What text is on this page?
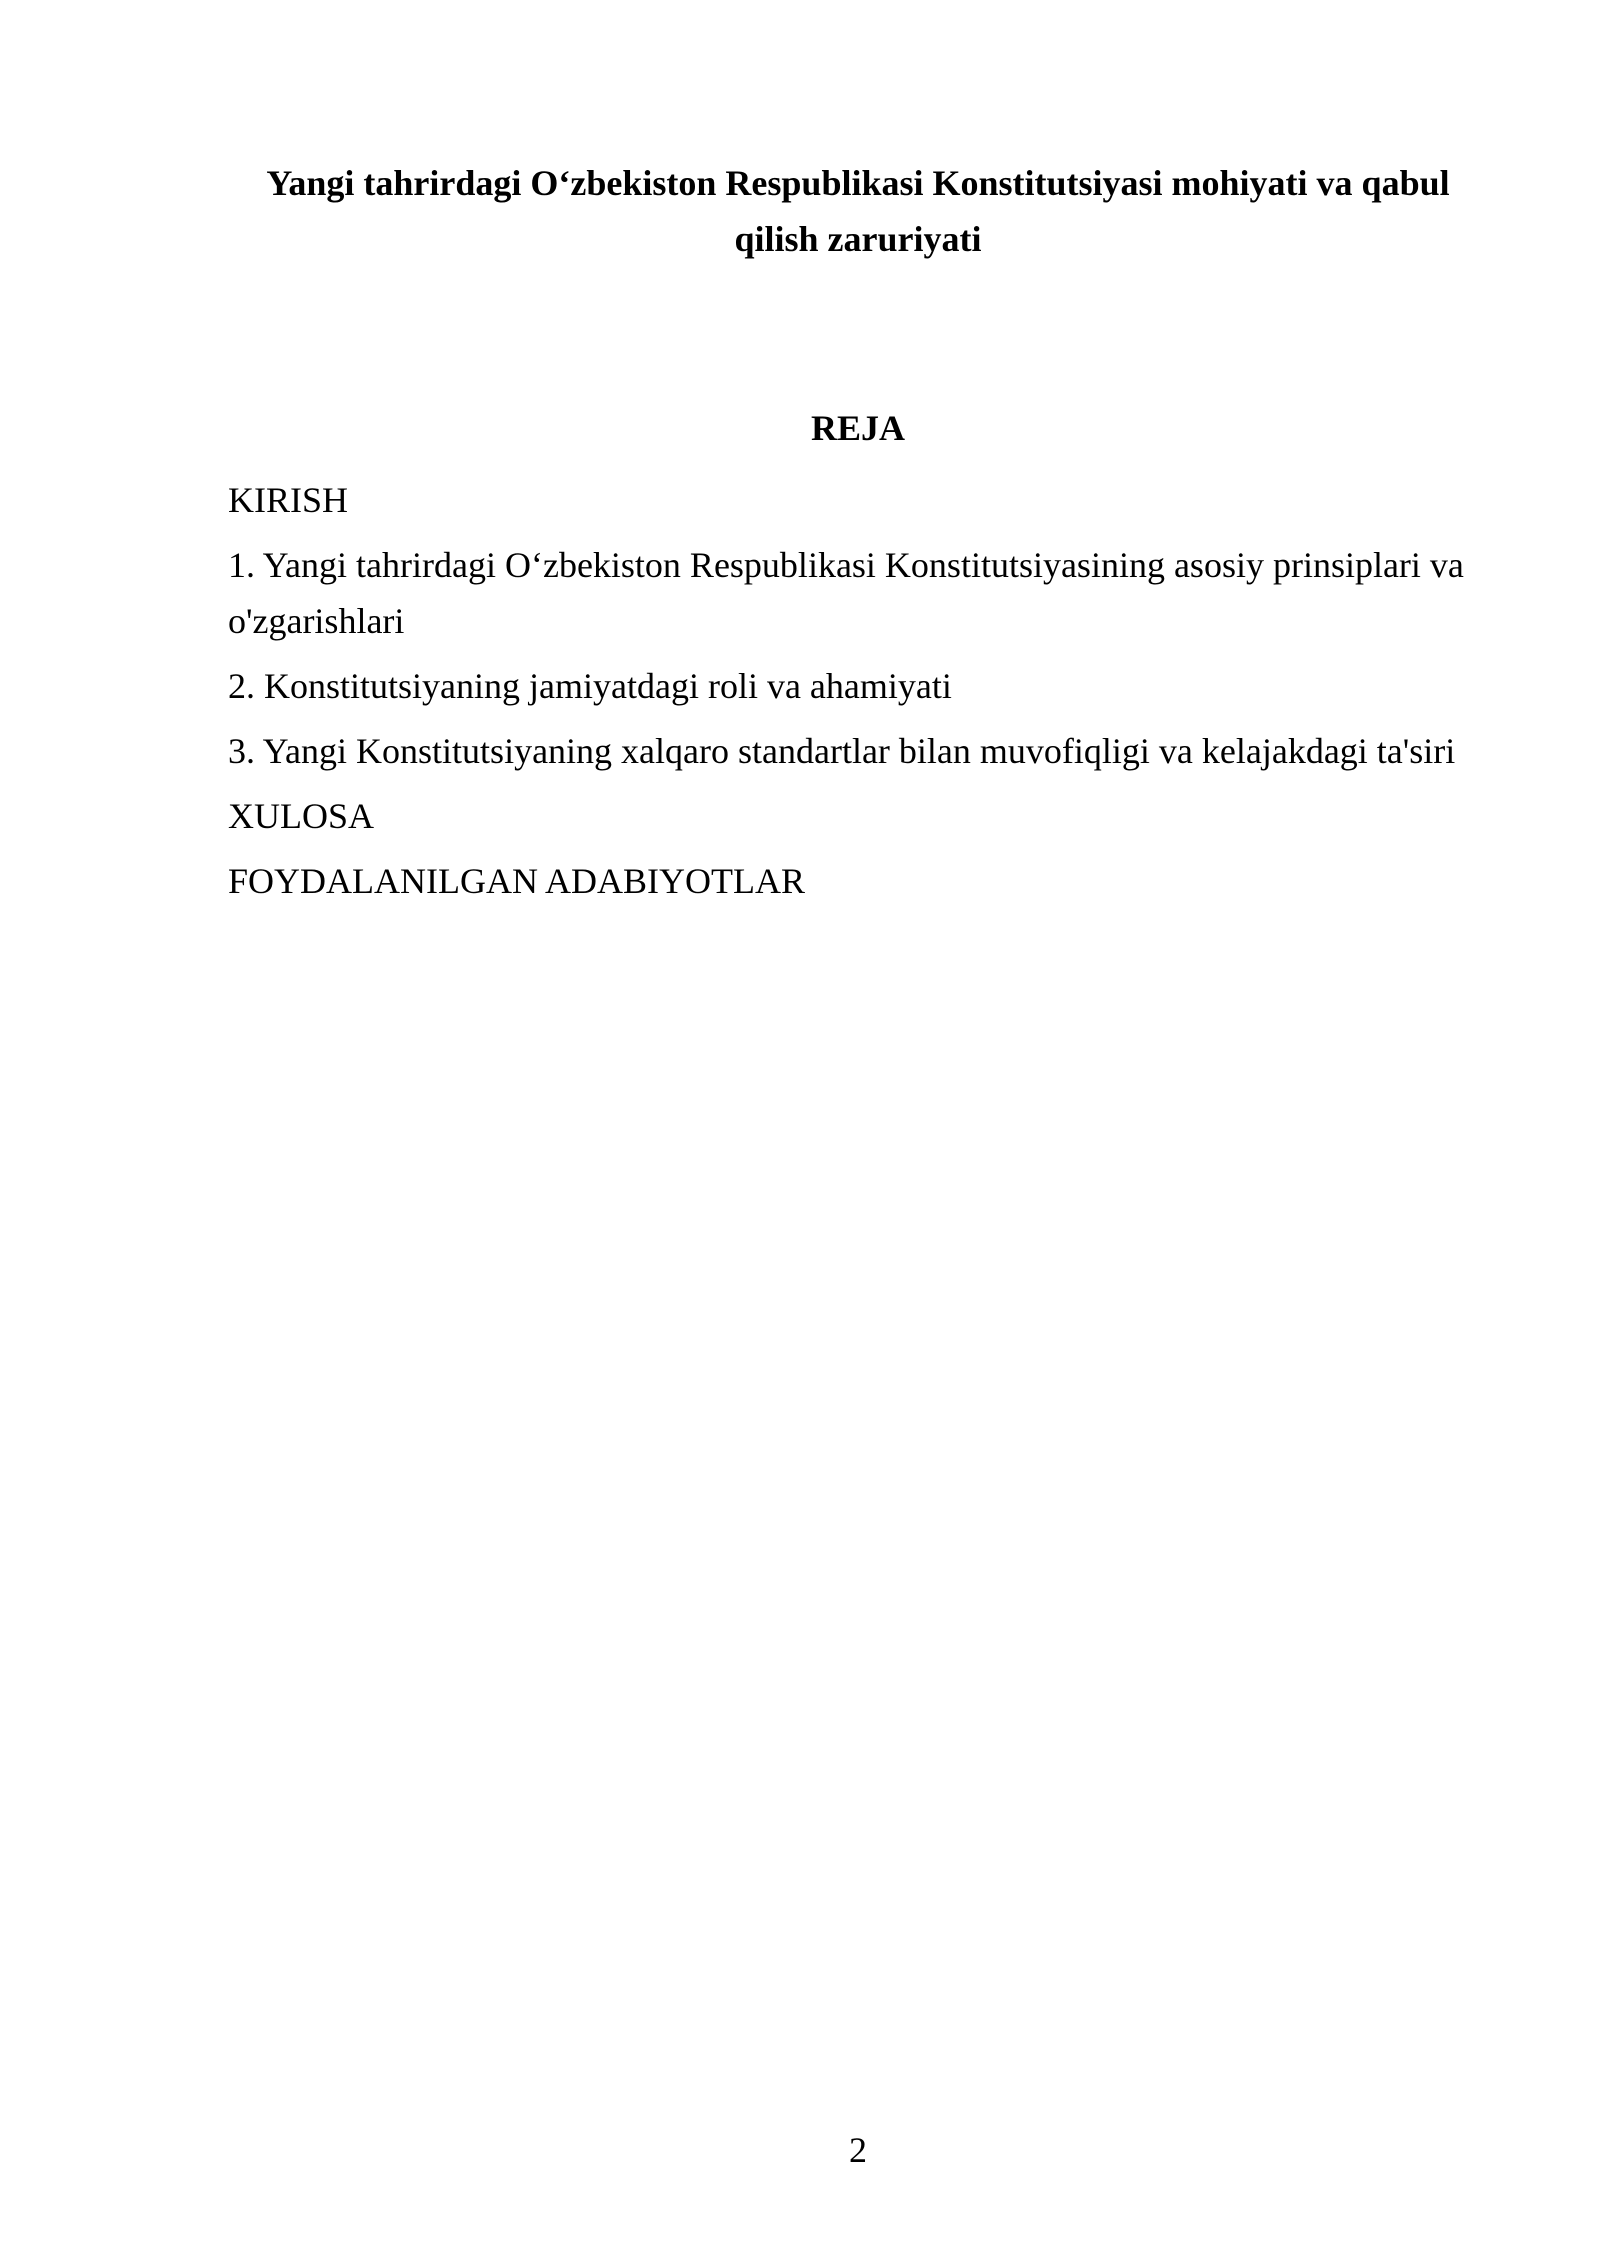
Yangi tahrirdagi O‘zbekiston Respublikasi Konstitutsiyasi mohiyati va qabul qilish zaruriyati
REJA
KIRISH
1. Yangi tahrirdagi O‘zbekiston Respublikasi Konstitutsiyasining asosiy prinsiplari va o'zgarishlari
2. Konstitutsiyaning jamiyatdagi roli va ahamiyati
3. Yangi Konstitutsiyaning xalqaro standartlar bilan muvofiqligi va kelajakdagi ta'siri
XULOSA
FOYDALANILGAN ADABIYOTLAR
2
